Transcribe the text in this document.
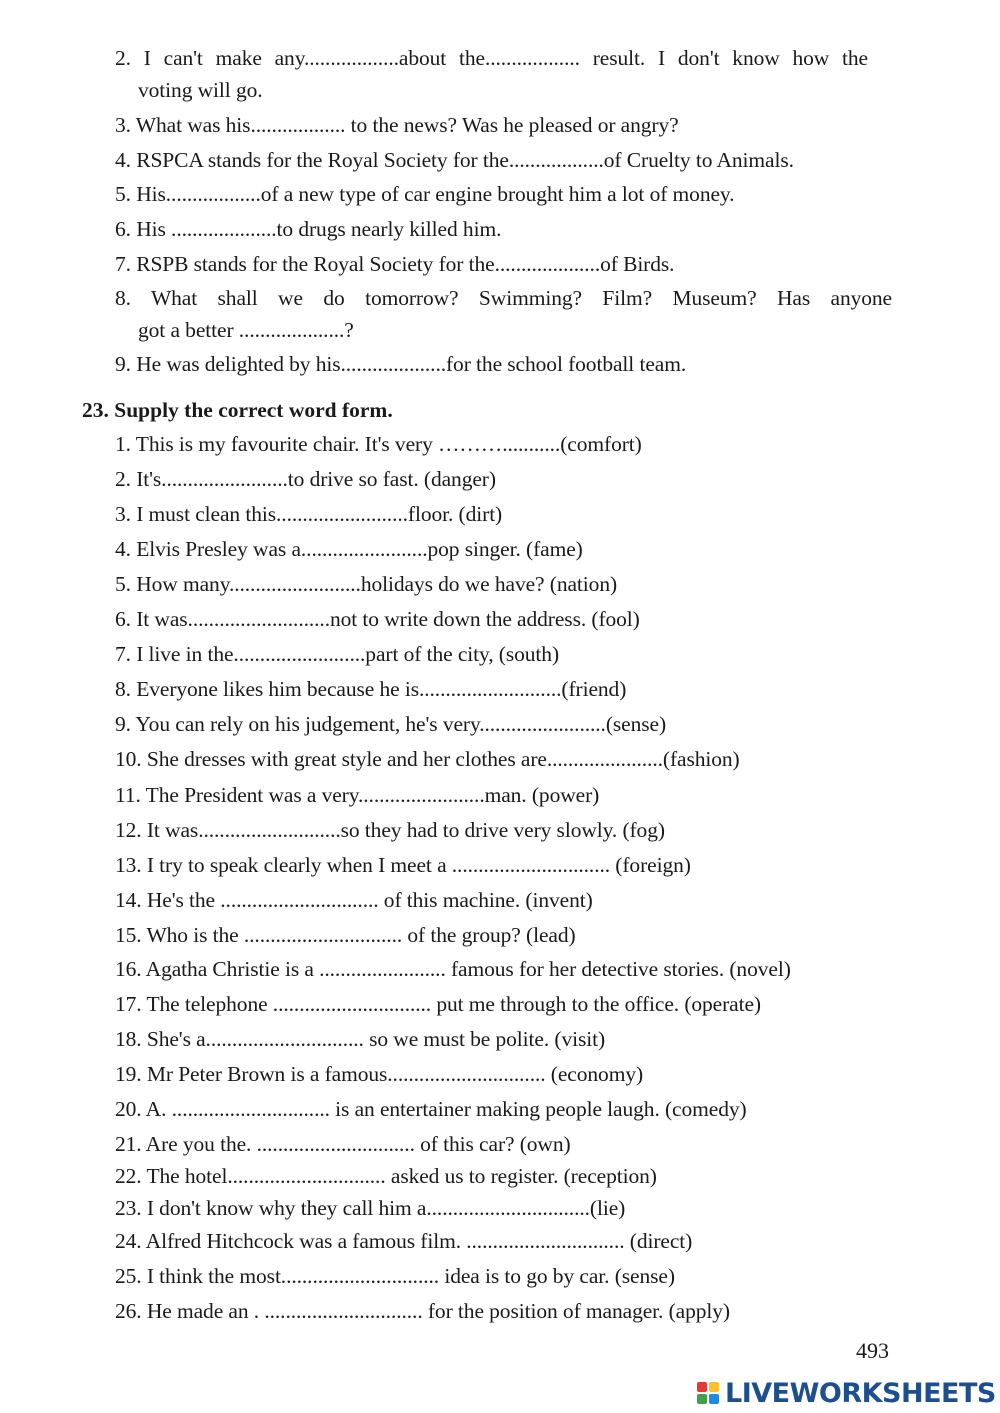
2. I can't make any..................about the.................. result. I don't know how the
voting will go.
3. What was his.................. to the news? Was he pleased or angry?
4. RSPCA stands for the Royal Society for the..................of Cruelty to Animals.
5. His..................of a new type of car engine brought him a lot of money.
6. His ....................to drugs nearly killed him.
7. RSPB stands for the Royal Society for the....................of Birds.
8. What shall we do tomorrow? Swimming? Film? Museum? Has anyone
got a better ....................?
9. He was delighted by his....................for the school football team.
23. Supply the correct word form.
1. This is my favourite chair. It's very ………...........(comfort)
2. It's........................to drive so fast. (danger)
3. I must clean this.........................floor. (dirt)
4. Elvis Presley was a........................pop singer. (fame)
5. How many.........................holidays do we have? (nation)
6. It was...........................not to write down the address. (fool)
7. I live in the.........................part of the city, (south)
8. Everyone likes him because he is...........................(friend)
9. You can rely on his judgement, he's very........................(sense)
10. She dresses with great style and her clothes are......................(fashion)
11. The President was a very........................man. (power)
12. It was...........................so they had to drive very slowly. (fog)
13. I try to speak clearly when I meet a .............................. (foreign)
14. He's the .............................. of this machine. (invent)
15. Who is the .............................. of the group? (lead)
16. Agatha Christie is a ........................ famous for her detective stories. (novel)
17. The telephone .............................. put me through to the office. (operate)
18. She's a.............................. so we must be polite. (visit)
19. Mr Peter Brown is a famous.............................. (economy)
20. A. .............................. is an entertainer making people laugh. (comedy)
21. Are you the. .............................. of this car? (own)
22. The hotel.............................. asked us to register. (reception)
23. I don't know why they call him a...............................(lie)
24. Alfred Hitchcock was a famous film. .............................. (direct)
25. I think the most.............................. idea is to go by car. (sense)
26. He made an . .............................. for the position of manager. (apply)
493
LIVEWORKSHEETS
